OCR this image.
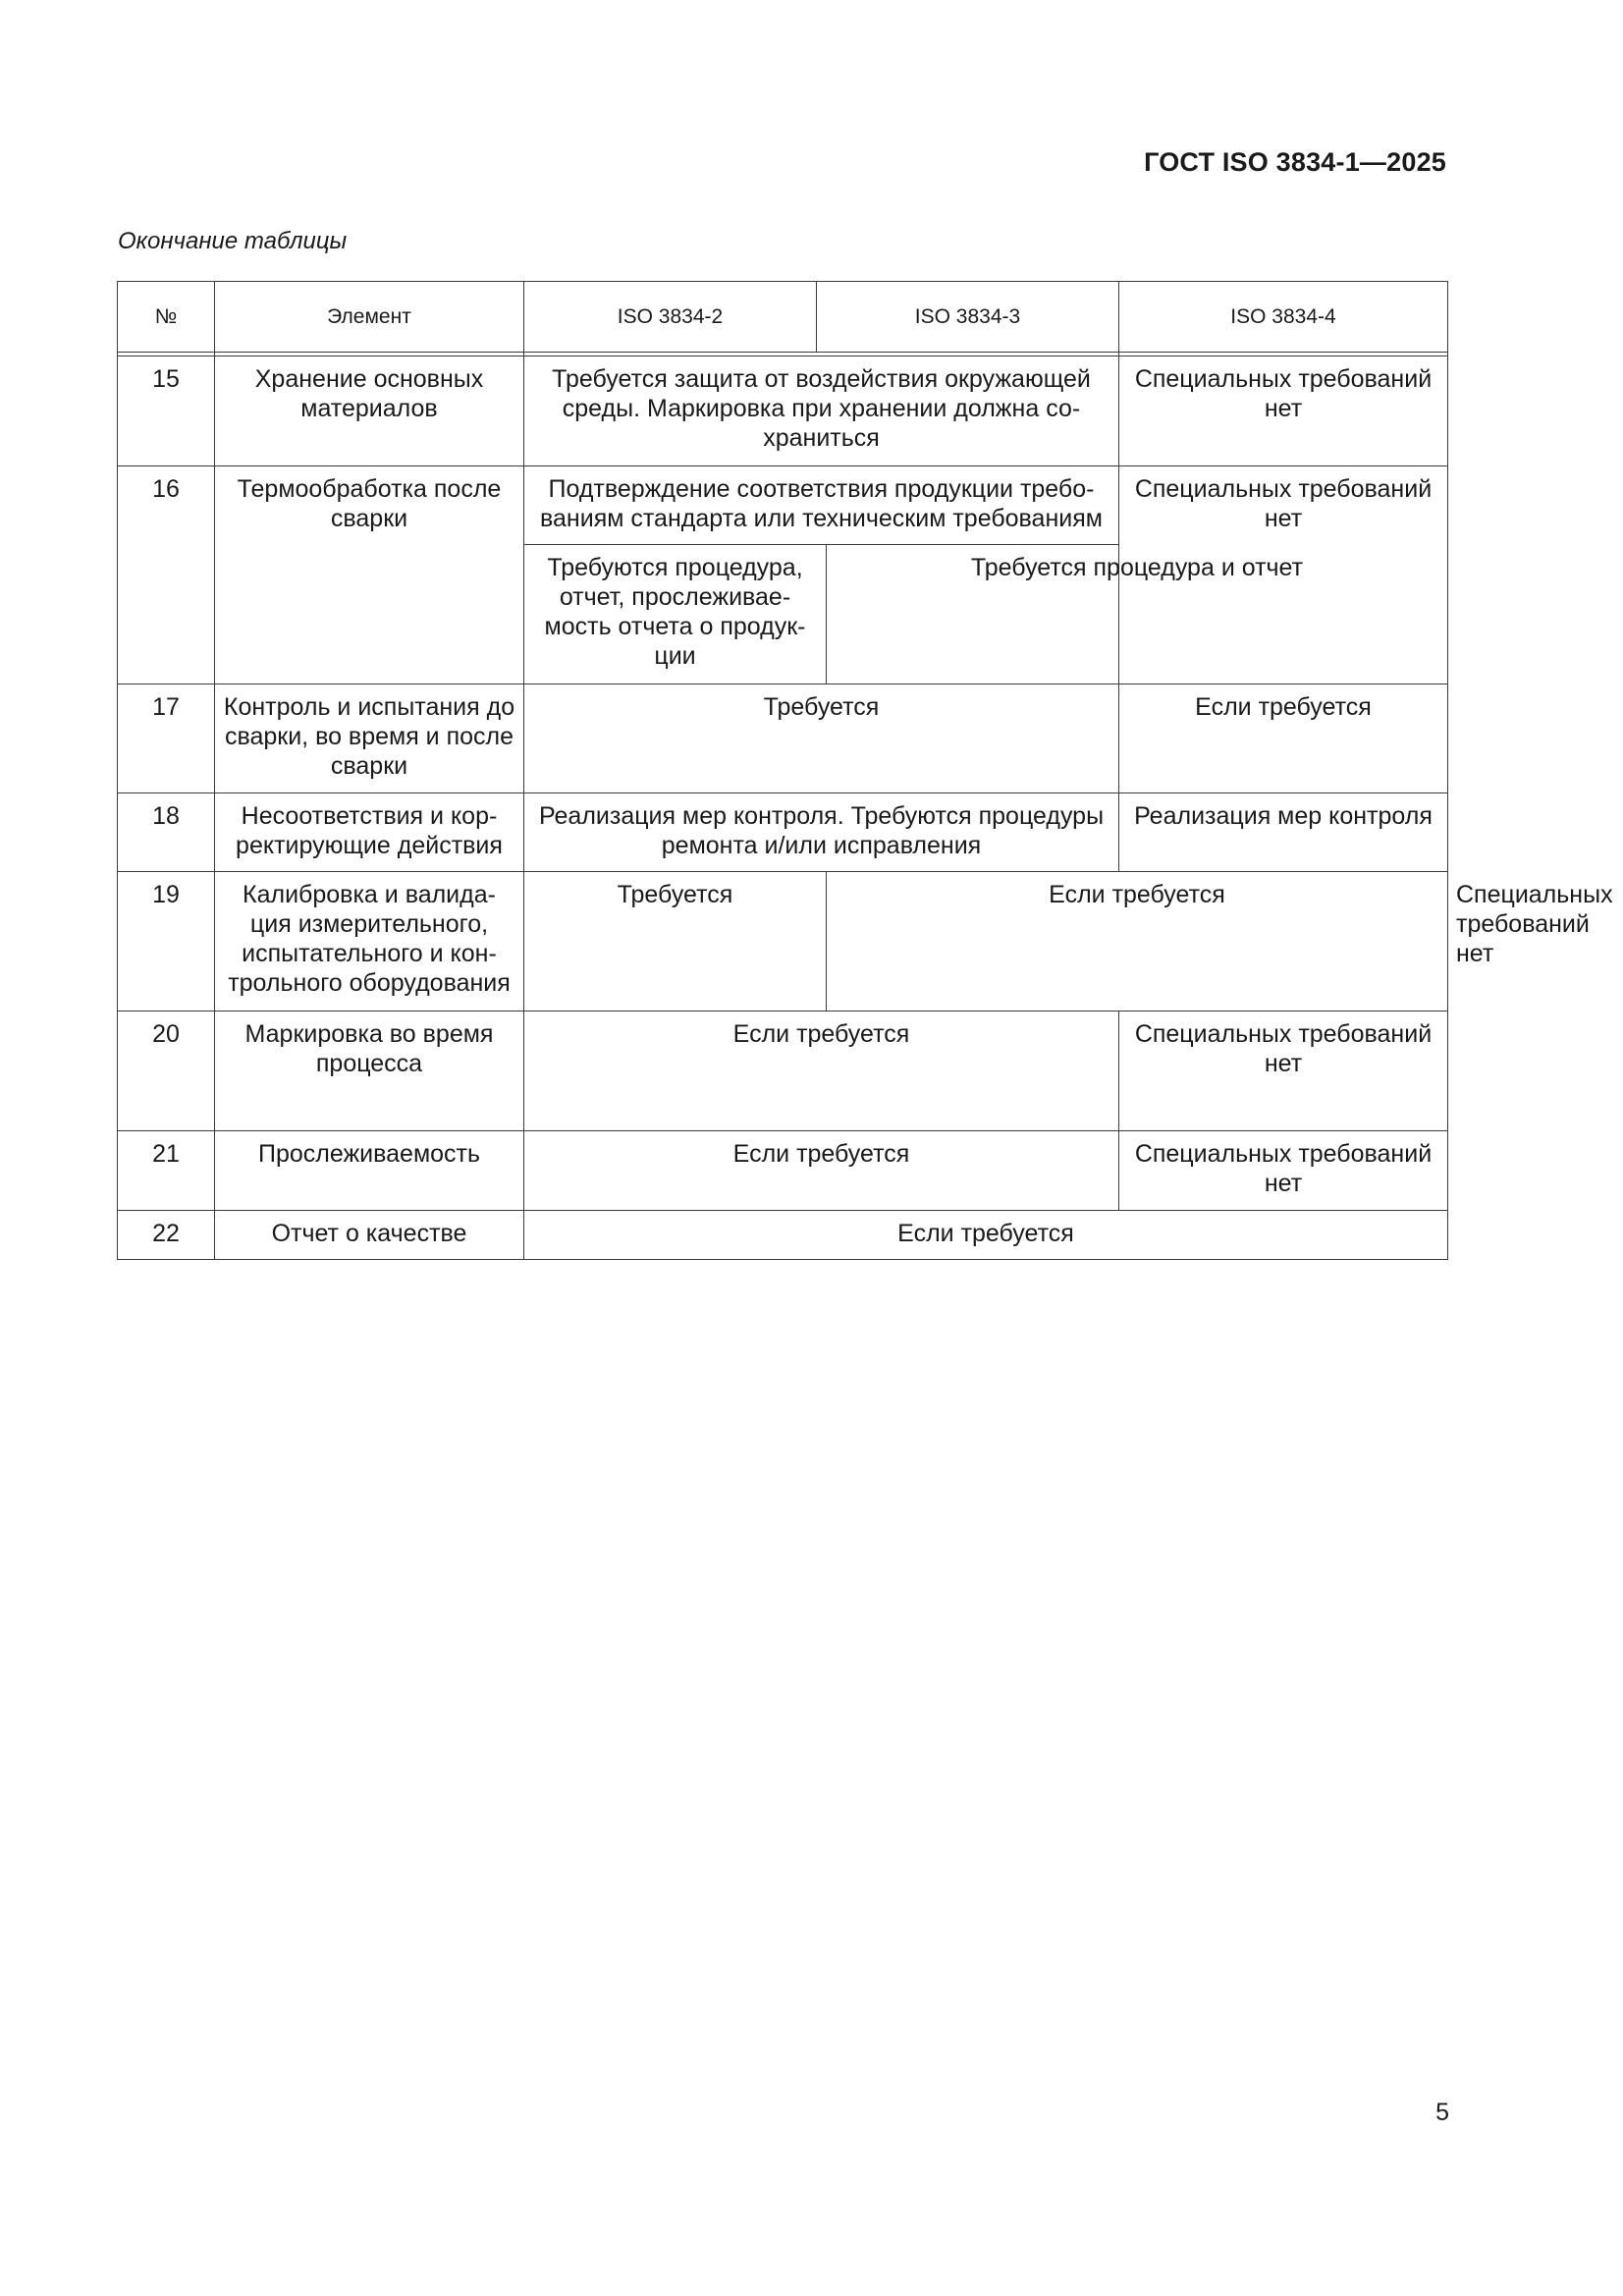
ГОСТ ISO 3834-1—2025
Окончание таблицы
№	Элемент	ISO 3834-2	ISO 3834-3		ISO 3834-4	

15	Хранение основных материалов	Требуется защита от воздействия окружающей среды. Маркировка при хранении должна со-храниться			Специальных требований нет	
16	Термообработка после сварки	Подтверждение соответствия продукции требо-ваниям стандарта или техническим требованиям			Специальных требований нет	
		Требуются процедура, отчет, прослеживае-мость отчета о продук-ции		Требуется процедура и отчет		
17	Контроль и испытания до сварки, во время и после сварки	Требуется			Если требуется	
18	Несоответствия и кор-ректирующие действия	Реализация мер контроля. Требуются процедуры ремонта и/или исправления			Реализация мер контроля	
19	Калибровка и валида-ция измерительного, испытательного и кон-трольного оборудования	Требуется		Если требуется		Специальных требований нет
20	Маркировка во время процесса	Если требуется			Специальных требований нет	
21	Прослеживаемость	Если требуется			Специальных требований нет	
22	Отчет о качестве	Если требуется				
5
